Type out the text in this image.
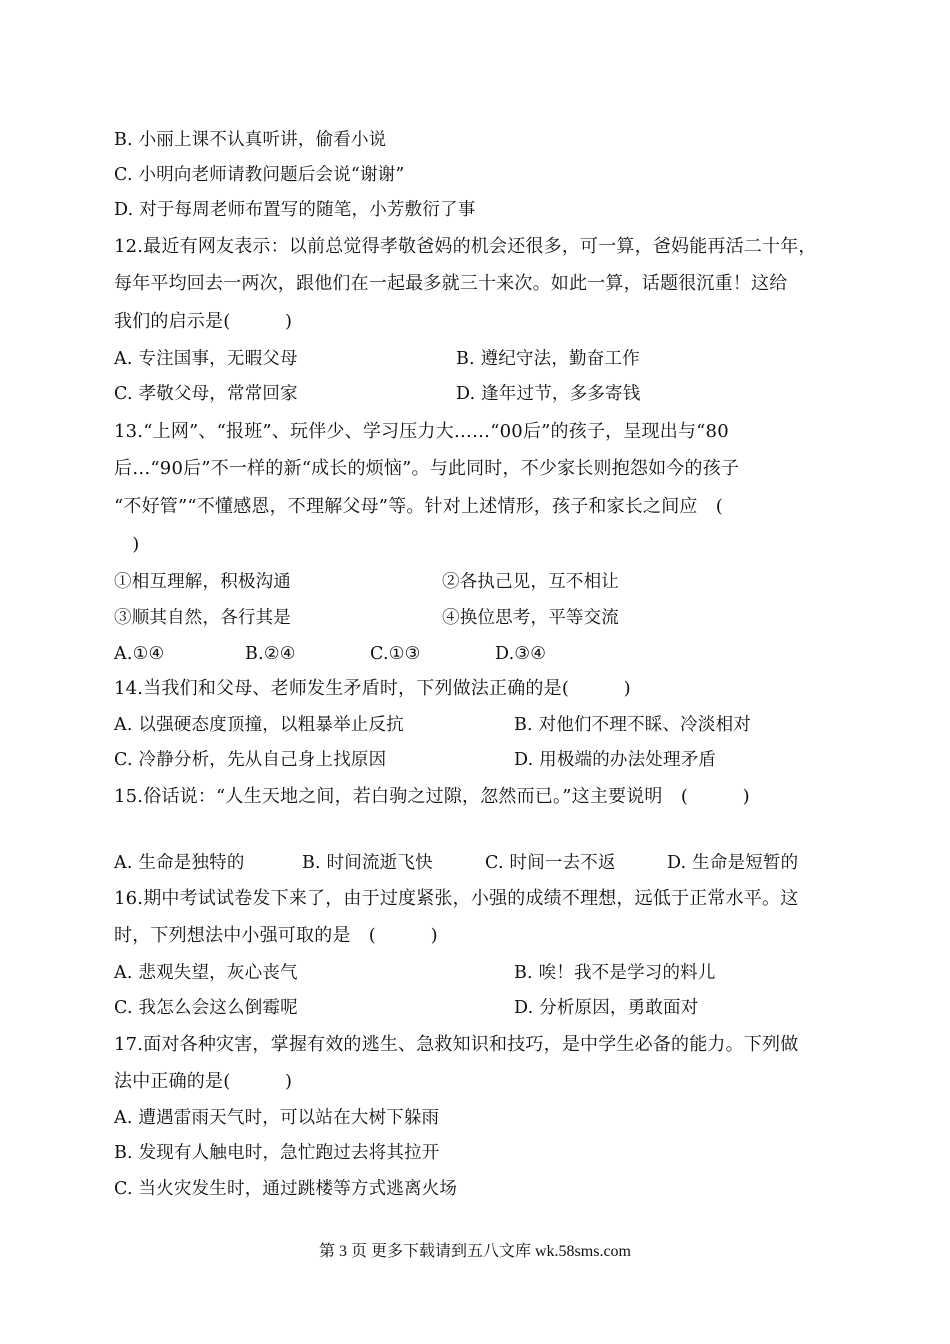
B. 小丽上课不认真听讲，偷看小说
C. 小明向老师请教问题后会说“谢谢”
D. 对于每周老师布置写的随笔，小芳敷衍了事
12.最近有网友表示：以前总觉得孝敬爸妈的机会还很多，可一算，爸妈能再活二十年，
每年平均回去一两次，跟他们在一起最多就三十来次。如此一算，话题很沉重！这给
我们的启示是(　　　)
A. 专注国事，无暇父母	B. 遵纪守法，勤奋工作
C. 孝敬父母，常常回家	D. 逢年过节，多多寄钱
13.“上网”、“报班”、玩伴少、学习压力大……“00后”的孩子，呈现出与“80
后…“90后”不一样的新“成长的烦恼”。与此同时，不少家长则抱怨如今的孩子
“不好管”“不懂感恩，不理解父母”等。针对上述情形，孩子和家长之间应　(
　)
①相互理解，积极沟通	②各执己见，互不相让
③顺其自然，各行其是	④换位思考，平等交流
A.①④	B.②④	C.①③	D.③④
14.当我们和父母、老师发生矛盾时，下列做法正确的是(　　　)
A. 以强硬态度顶撞，以粗暴举止反抗	B. 对他们不理不睬、冷淡相对
C. 冷静分析，先从自己身上找原因	D. 用极端的办法处理矛盾
15.俗话说：“人生天地之间，若白驹之过隙，忽然而已。”这主要说明　(　　　)
A. 生命是独特的	B. 时间流逝飞快	C. 时间一去不返	D. 生命是短暂的
16.期中考试试卷发下来了，由于过度紧张，小强的成绩不理想，远低于正常水平。这
时，下列想法中小强可取的是　(　　　)
A. 悲观失望，灰心丧气	B. 唉！我不是学习的料儿
C. 我怎么会这么倒霉呢	D. 分析原因，勇敢面对
17.面对各种灾害，掌握有效的逃生、急救知识和技巧，是中学生必备的能力。下列做
法中正确的是(　　　)
A. 遭遇雷雨天气时，可以站在大树下躲雨
B. 发现有人触电时，急忙跑过去将其拉开
C. 当火灾发生时，通过跳楼等方式逃离火场
第 3 页 更多下载请到五八文库 wk.58sms.com
